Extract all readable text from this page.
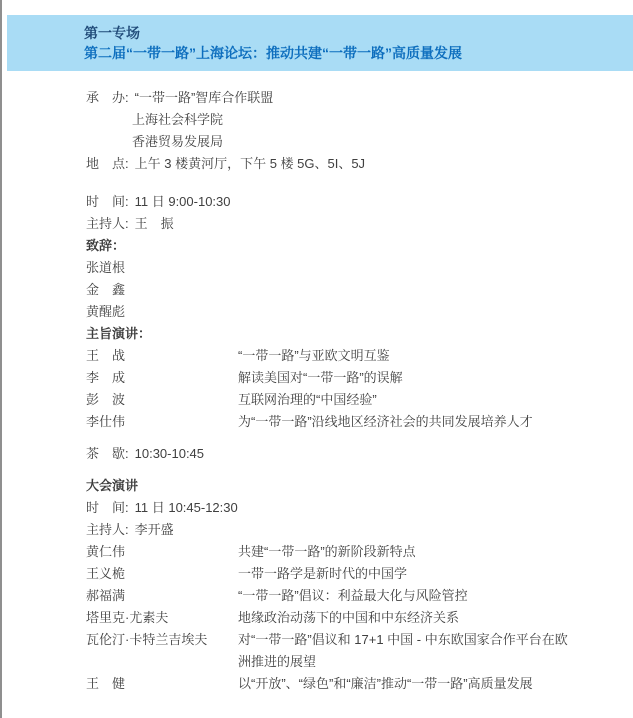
第一专场
第二届“一带一路”上海论坛：推动共建“一带一路”高质量发展
承　办: “一带一路”智库合作联盟
上海社会科学院
香港贸易发展局
地　点: 上午 3 楼黄河厅，下午 5 楼 5G、5I、5J
时　间: 11 日 9:00-10:30
主持人: 王　振
致辞：
张道根
金　鑫
黄醒彪
主旨演讲：
王　战	“一带一路”与亚欧文明互鉴
李　成	解读美国对“一带一路”的误解
彭　波	互联网治理的“中国经验”
李仕伟	为“一带一路”沿线地区经济社会的共同发展培养人才
茶　歇: 10:30-10:45
大会演讲
时　间: 11 日 10:45-12:30
主持人: 李开盛
黄仁伟	共建“一带一路”的新阶段新特点
王义桅	一带一路学是新时代的中国学
郝福满	“一带一路”倡议：利益最大化与风险管控
塔里克·尤素夫	地缘政治动荡下的中国和中东经济关系
瓦伦汀·卡特兰吉埃夫	对“一带一路”倡议和 17+1 中国 - 中东欧国家合作平台在欧洲推进的展望
王　健	以“开放”、“绿色”和“廉洁”推动“一带一路”高质量发展
